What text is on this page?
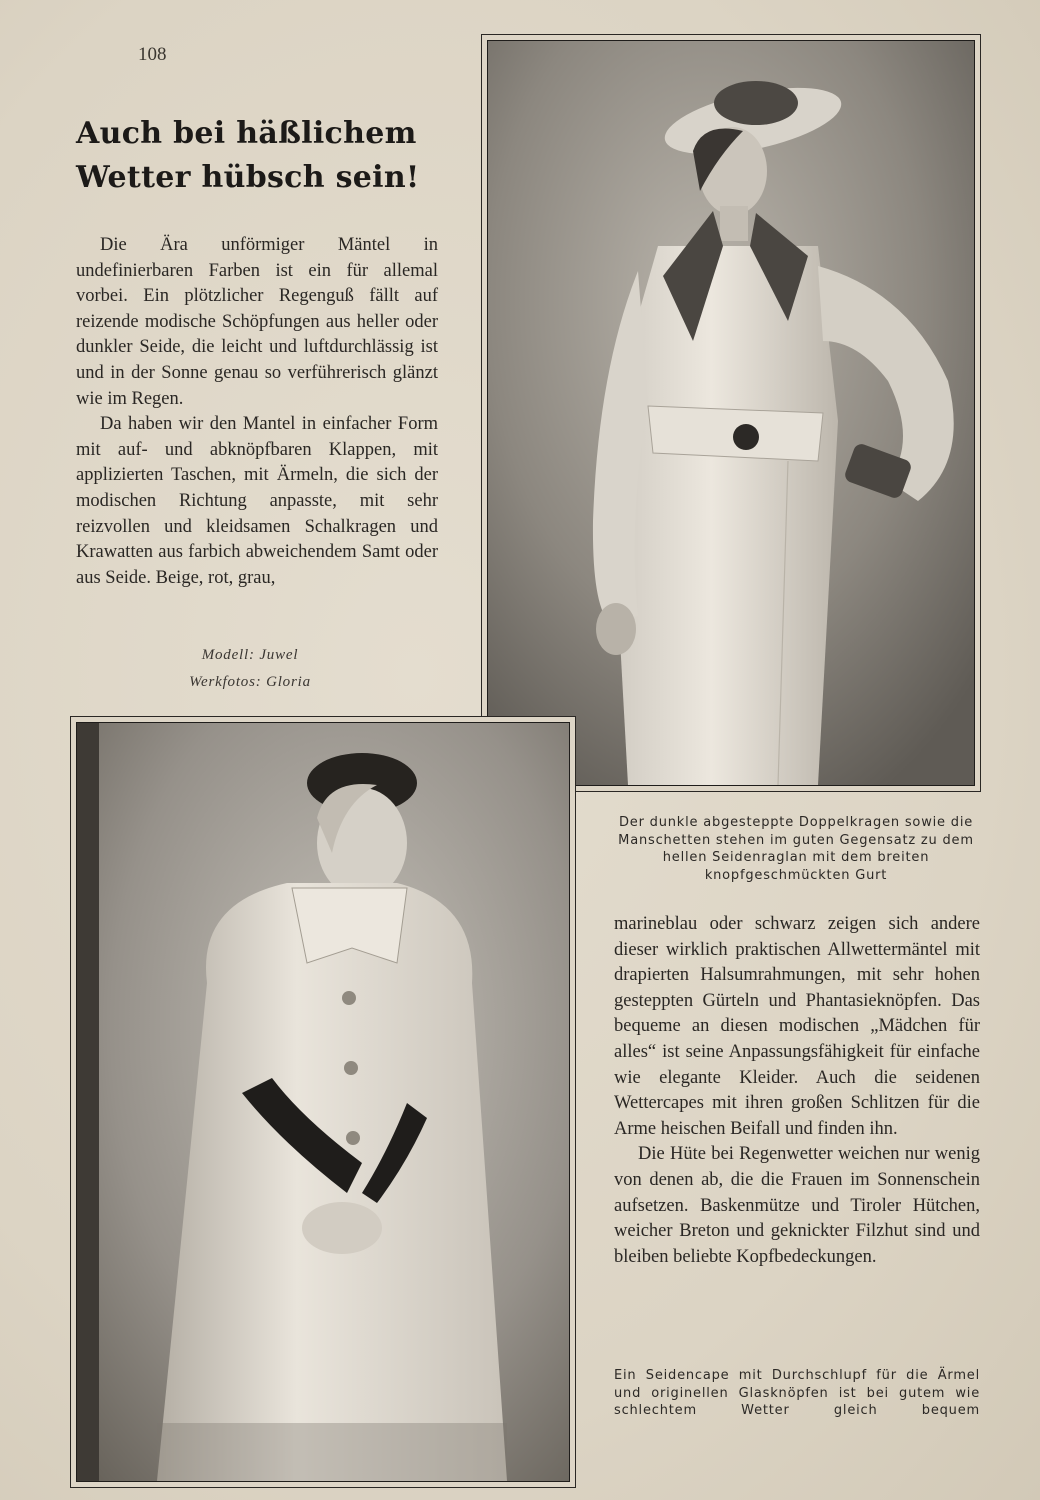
108
Auch bei häßlichem
Wetter hübsch sein!

Die Ära unförmiger Mäntel in undefinierbaren Farben ist ein für allemal vorbei. Ein plötzlicher Regenguß fällt auf reizende modische Schöpfungen aus heller oder dunkler Seide, die leicht und luftdurchlässig ist und in der Sonne genau so verführerisch glänzt wie im Regen.

Da haben wir den Mantel in einfacher Form mit auf- und abknöpfbaren Klappen, mit applizierten Taschen, mit Ärmeln, die sich der modischen Richtung anpasste, mit sehr reizvollen und kleidsamen Schalkragen und Krawatten aus farbich abweichendem Samt oder aus Seide. Beige, rot, grau,

Modell: Juwel
Werkfotos: Gloria
Der dunkle abgesteppte Doppelkragen sowie die Manschetten stehen im guten Gegensatz zu dem hellen Seidenraglan mit dem breiten knopfgeschmückten Gurt

marineblau oder schwarz zeigen sich andere dieser wirklich praktischen Allwettermäntel mit drapierten Halsumrahmungen, mit sehr hohen gesteppten Gürteln und Phantasieknöpfen. Das bequeme an diesen modischen „Mädchen für alles“ ist seine Anpassungsfähigkeit für einfache wie elegante Kleider. Auch die seidenen Wettercapes mit ihren großen Schlitzen für die Arme heischen Beifall und finden ihn.

Die Hüte bei Regenwetter weichen nur wenig von denen ab, die die Frauen im Sonnenschein aufsetzen. Baskenmütze und Tiroler Hütchen, weicher Breton und geknickter Filzhut sind und bleiben beliebte Kopfbedeckungen.

Ein Seidencape mit Durchschlupf für die Ärmel und originellen Glasknöpfen ist bei gutem wie schlechtem Wetter gleich bequem
